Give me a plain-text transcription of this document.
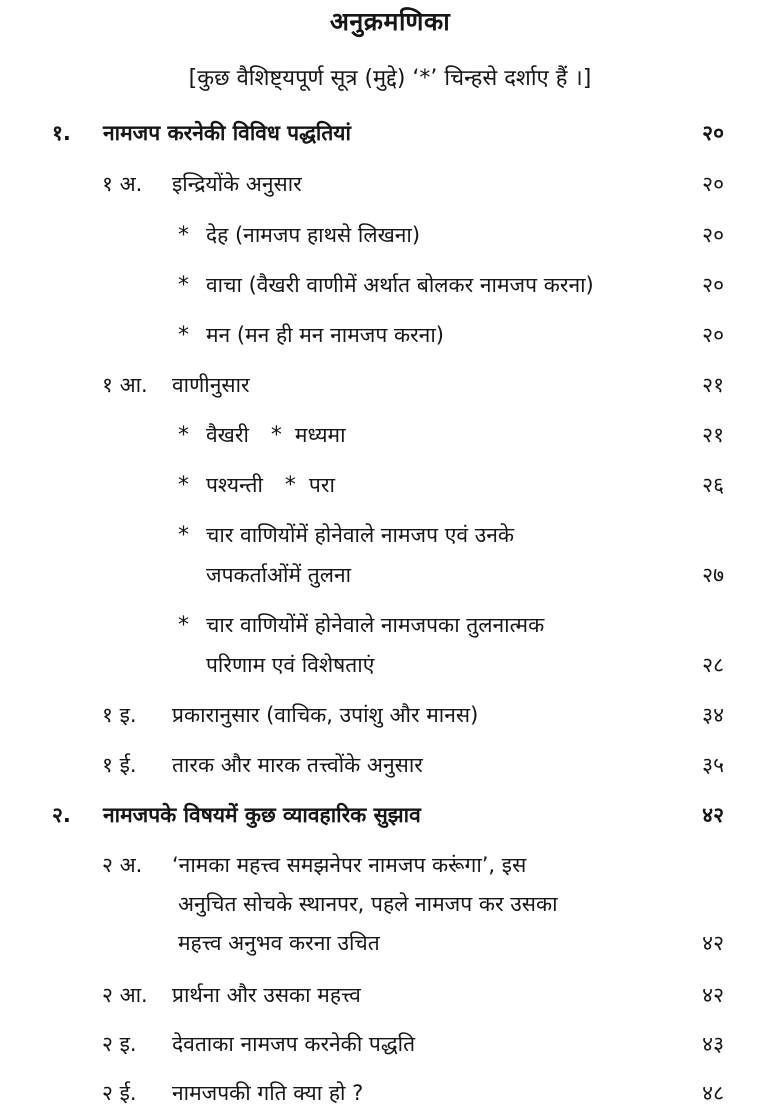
अनुक्रमणिका
[कुछ वैशिष्ट्यपूर्ण सूत्र (मुद्दे) ‘*’ चिन्हसे दर्शाए हैं ।]
१. नामजप करनेकी विविध पद्धतियां	२०
१ अ. इन्द्रियोंके अनुसार	२०
* देह (नामजप हाथसे लिखना)	२०
* वाचा (वैखरी वाणीमें अर्थात बोलकर नामजप करना)	२०
* मन (मन ही मन नामजप करना)	२०
१ आ. वाणीनुसार	२१
* वैखरी * मध्यमा	२१
* पश्यन्ती * परा	२६
* चार वाणियोंमें होनेवाले नामजप एवं उनके
जपकर्ताओंमें तुलना	२७
* चार वाणियोंमें होनेवाले नामजपका तुलनात्मक
परिणाम एवं विशेषताएं	२८
१ इ. प्रकारानुसार (वाचिक, उपांशु और मानस)	३४
१ ई. तारक और मारक तत्त्वोंके अनुसार	३५
२. नामजपके विषयमें कुछ व्यावहारिक सुझाव	४२
२ अ. ‘नामका महत्त्व समझनेपर नामजप करूंगा’, इस
अनुचित सोचके स्थानपर, पहले नामजप कर उसका
महत्त्व अनुभव करना उचित	४२
२ आ. प्रार्थना और उसका महत्त्व	४२
२ इ. देवताका नामजप करनेकी पद्धति	४३
२ ई. नामजपकी गति क्या हो ?	४८
